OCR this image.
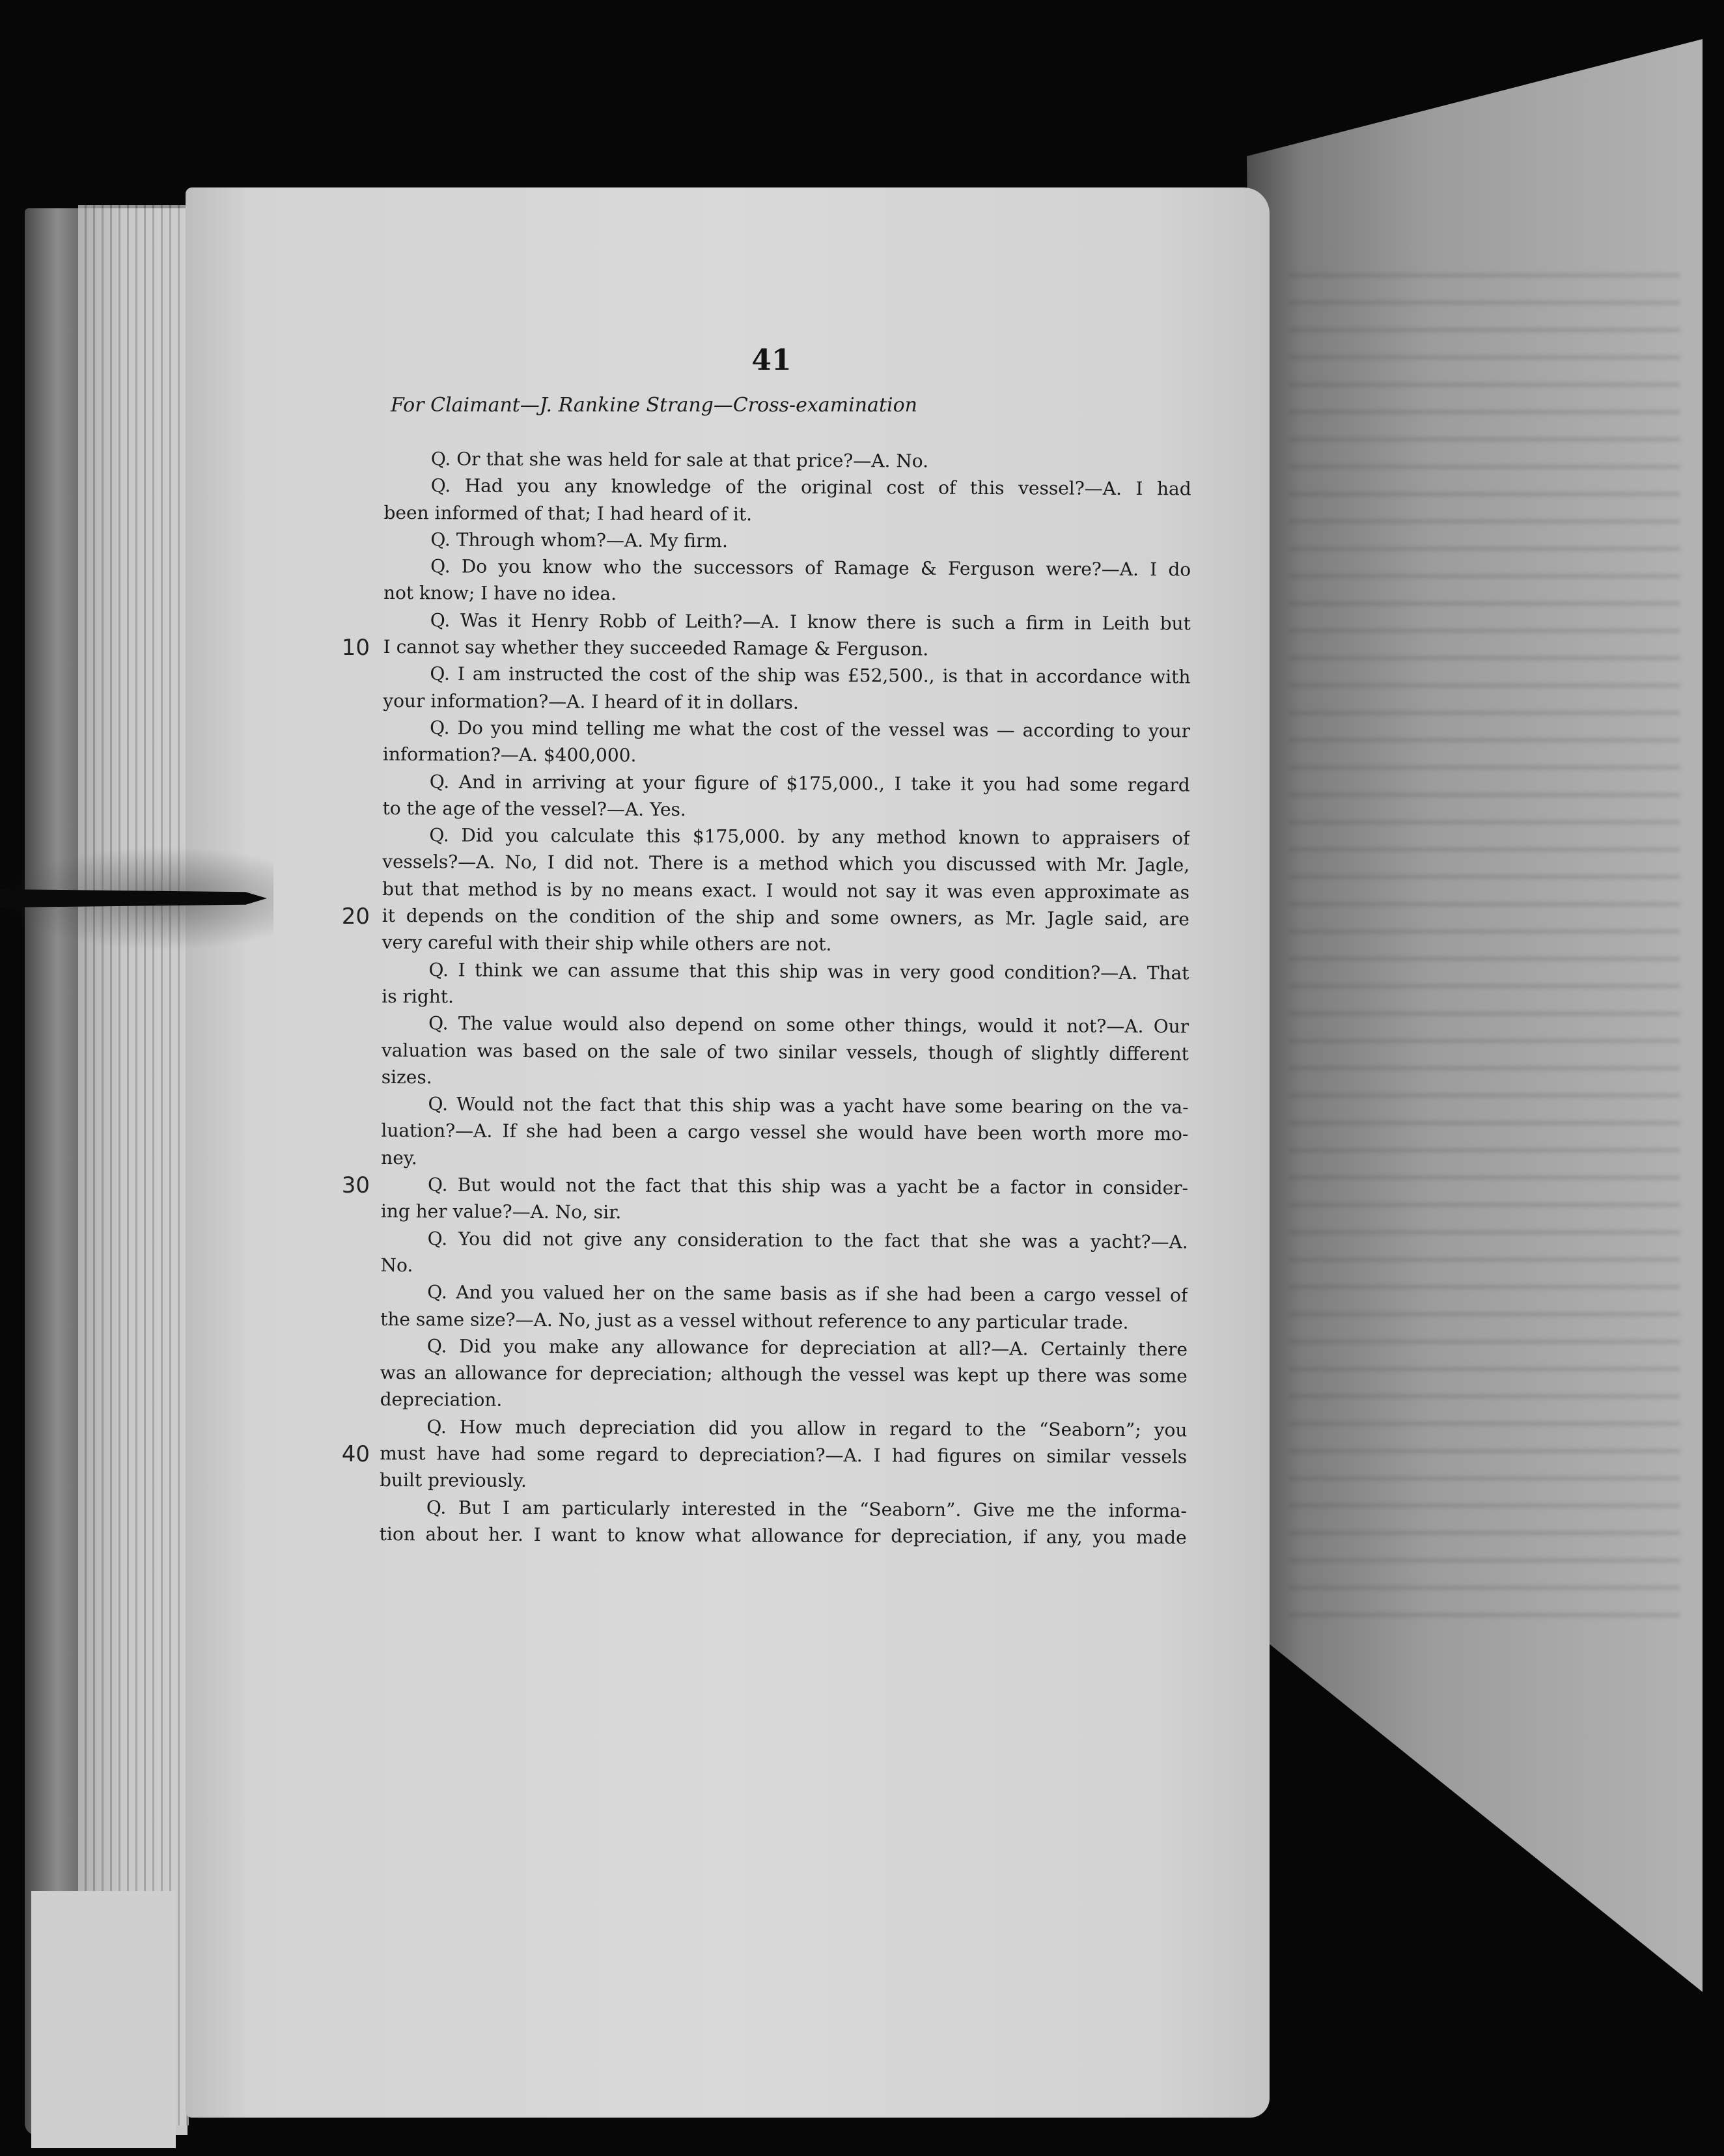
41
For Claimant—J. Rankine Strang—Cross-examination
Q. Or that she was held for sale at that price?—A. No.
Q. Had you any knowledge of the original cost of this vessel?—A. I had
been informed of that; I had heard of it.
Q. Through whom?—A. My firm.
Q. Do you know who the successors of Ramage & Ferguson were?—A. I do
not know; I have no idea.
Q. Was it Henry Robb of Leith?—A. I know there is such a firm in Leith but
I cannot say whether they succeeded Ramage & Ferguson.
Q. I am instructed the cost of the ship was £52,500., is that in accordance with
your information?—A. I heard of it in dollars.
Q. Do you mind telling me what the cost of the vessel was — according to your
information?—A. $400,000.
Q. And in arriving at your figure of $175,000., I take it you had some regard
to the age of the vessel?—A. Yes.
Q. Did you calculate this $175,000. by any method known to appraisers of
vessels?—A. No, I did not. There is a method which you discussed with Mr. Jagle,
but that method is by no means exact. I would not say it was even approximate as
it depends on the condition of the ship and some owners, as Mr. Jagle said, are
very careful with their ship while others are not.
Q. I think we can assume that this ship was in very good condition?—A. That
is right.
Q. The value would also depend on some other things, would it not?—A. Our
valuation was based on the sale of two sinilar vessels, though of slightly different
sizes.
Q. Would not the fact that this ship was a yacht have some bearing on the va-
luation?—A. If she had been a cargo vessel she would have been worth more mo-
ney.
Q. But would not the fact that this ship was a yacht be a factor in consider-
ing her value?—A. No, sir.
Q. You did not give any consideration to the fact that she was a yacht?—A.
No.
Q. And you valued her on the same basis as if she had been a cargo vessel of
the same size?—A. No, just as a vessel without reference to any particular trade.
Q. Did you make any allowance for depreciation at all?—A. Certainly there
was an allowance for depreciation; although the vessel was kept up there was some
depreciation.
Q. How much depreciation did you allow in regard to the “Seaborn”; you
must have had some regard to depreciation?—A. I had figures on similar vessels
built previously.
Q. But I am particularly interested in the “Seaborn”. Give me the informa-
tion about her. I want to know what allowance for depreciation, if any, you made
10
20
30
40
